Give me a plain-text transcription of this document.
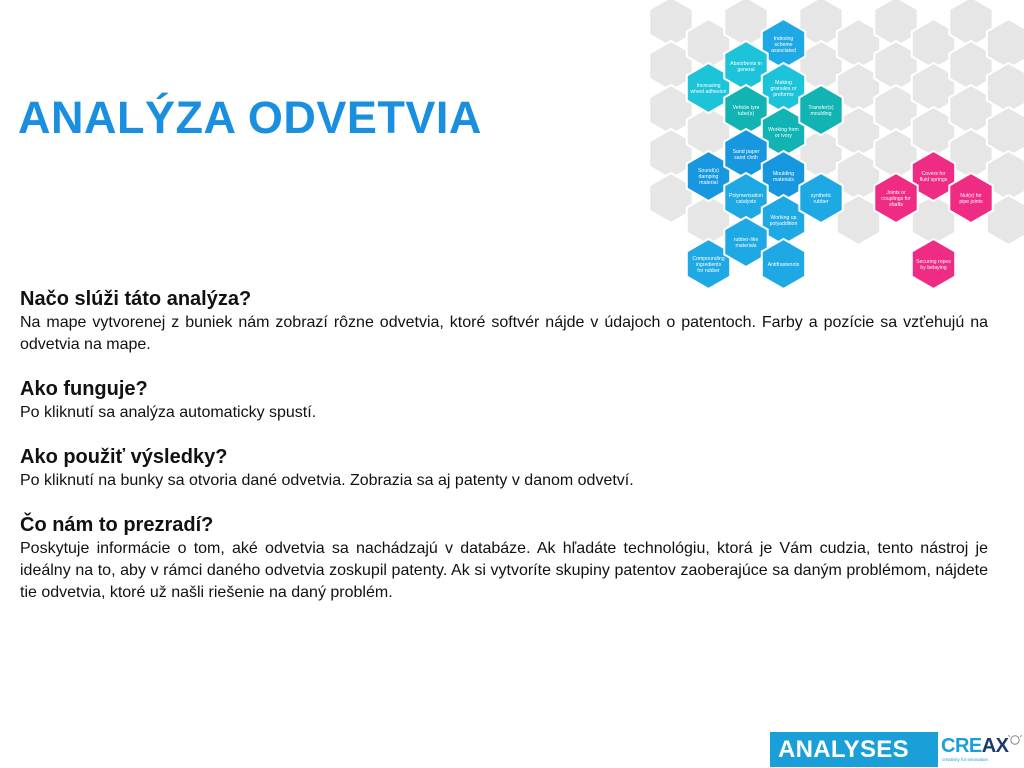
ANALÝZA ODVETVIA
Indexing scheme associated
Increasing wheel adhesion
Absorbents in general
Making granules or preforms
Vehicle tyre tube(s)
Working form or ivory
Transfer(s) moulding
Sound(s) damping material
Sand paper sand cloth
Moulding materials
Polymerisation catalysts
Working up polyaddition
synthetic rubber
Compounding ingredients for rubber
rubber-like materials
Antifrastenots
Covers for fluid springs
Joints or couplings for shafts
Nut(s) for pipe joints
Securing ropes by belaying
Načo slúži táto analýza?

Na mape vytvorenej z buniek nám zobrazí rôzne odvetvia, ktoré softvér nájde v údajoch o patentoch. Farby a pozície sa vzťehujú na odvetvia na mape.

Ako funguje?

Po kliknutí sa analýza automaticky spustí.

Ako použiť výsledky?

Po kliknutí na bunky sa otvoria dané odvetvia. Zobrazia sa aj patenty v danom odvetví.

Čo nám to prezradí?

Poskytuje informácie o tom, aké odvetvia sa nachádzajú v databáze. Ak hľadáte technológiu, ktorá je Vám cudzia, tento nástroj je ideálny na to, aby v rámci daného odvetvia zoskupil patenty. Ak si vytvoríte skupiny patentov zaoberajúce sa daným problémom, nájdete tie odvetvia, ktoré už našli riešenie na daný problém.

ANALYSES	CREAX
creativity for innovation
